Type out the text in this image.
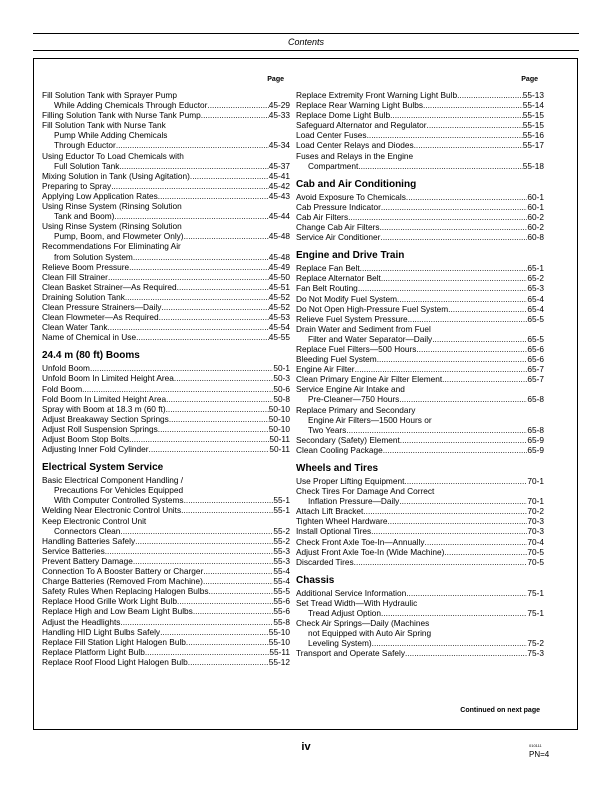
Contents
Page
Fill Solution Tank with Sprayer Pump
While Adding Chemicals Through Eductor .....	45-29
Filling Solution Tank with Nurse Tank Pump .....	45-33
Fill Solution Tank with Nurse Tank
Pump While Adding Chemicals
Through Eductor .....	45-34
Using Eductor To Load Chemicals with
Full Solution Tank .....	45-37
Mixing Solution in Tank (Using Agitation) .....	45-41
Preparing to Spray .....	45-42
Applying Low Application Rates .....	45-43
Using Rinse System (Rinsing Solution
Tank and Boom) .....	45-44
Using Rinse System (Rinsing Solution
Pump, Boom, and Flowmeter Only) .....	45-48
Recommendations For Eliminating Air
from Solution System .....	45-48
Relieve Boom Pressure .....	45-49
Clean Fill Strainer .....	45-50
Clean Basket Strainer—As Required .....	45-51
Draining Solution Tank .....	45-52
Clean Pressure Strainers—Daily .....	45-52
Clean Flowmeter—As Required .....	45-53
Clean Water Tank .....	45-54
Name of Chemical in Use .....	45-55
24.4 m (80 ft) Booms
Unfold Boom .....	50-1
Unfold Boom In Limited Height Area .....	50-3
Fold Boom .....	50-6
Fold Boom In Limited Height Area .....	50-8
Spray with Boom at 18.3 m (60 ft) .....	50-10
Adjust Breakaway Section Springs .....	50-10
Adjust Roll Suspension Springs .....	50-10
Adjust Boom Stop Bolts .....	50-11
Adjusting Inner Fold Cylinder .....	50-11
Electrical System Service
Basic Electrical Component Handling /
Precautions For Vehicles Equipped
With Computer Controlled Systems .....	55-1
Welding Near Electronic Control Units .....	55-1
Keep Electronic Control Unit
Connectors Clean .....	55-2
Handling Batteries Safely .....	55-2
Service Batteries .....	55-3
Prevent Battery Damage .....	55-3
Connection To A Booster Battery or Charger .....	55-4
Charge Batteries (Removed From Machine) .....	55-4
Safety Rules When Replacing Halogen Bulbs .....	55-5
Replace Hood Grille Work Light Bulb .....	55-6
Replace High and Low Beam Light Bulbs .....	55-6
Adjust the Headlights .....	55-8
Handling HID Light Bulbs Safely .....	55-10
Replace Fill Station Light Halogen Bulb .....	55-10
Replace Platform Light Bulb .....	55-11
Replace Roof Flood Light Halogen Bulb .....	55-12
Page
Replace Extremity Front Warning Light Bulb .....	55-13
Replace Rear Warning Light Bulbs .....	55-14
Replace Dome Light Bulb .....	55-15
Safeguard Alternator and Regulator .....	55-15
Load Center Fuses .....	55-16
Load Center Relays and Diodes .....	55-17
Fuses and Relays in the Engine
Compartment .....	55-18
Cab and Air Conditioning
Avoid Exposure To Chemicals .....	60-1
Cab Pressure Indicator .....	60-1
Cab Air Filters .....	60-2
Change Cab Air Filters .....	60-2
Service Air Conditioner .....	60-8
Engine and Drive Train
Replace Fan Belt .....	65-1
Replace Alternator Belt .....	65-2
Fan Belt Routing .....	65-3
Do Not Modify Fuel System .....	65-4
Do Not Open High-Pressure Fuel System .....	65-4
Relieve Fuel System Pressure .....	65-5
Drain Water and Sediment from Fuel
Filter and Water Separator—Daily .....	65-5
Replace Fuel Filters—500 Hours .....	65-6
Bleeding Fuel System .....	65-6
Engine Air Filter .....	65-7
Clean Primary Engine Air Filter Element .....	65-7
Service Engine Air Intake and
Pre-Cleaner—750 Hours .....	65-8
Replace Primary and Secondary
Engine Air Filters—1500 Hours or
Two Years .....	65-8
Secondary (Safety) Element .....	65-9
Clean Cooling Package .....	65-9
Wheels and Tires
Use Proper Lifting Equipment .....	70-1
Check Tires For Damage And Correct
Inflation Pressure—Daily .....	70-1
Attach Lift Bracket .....	70-2
Tighten Wheel Hardware .....	70-3
Install Optional Tires .....	70-3
Check Front Axle Toe-In—Annually .....	70-4
Adjust Front Axle Toe-In (Wide Machine) .....	70-5
Discarded Tires .....	70-5
Chassis
Additional Service Information .....	75-1
Set Tread Width—With Hydraulic
Tread Adjust Option .....	75-1
Check Air Springs—Daily (Machines
not Equipped with Auto Air Spring
Leveling System) .....	75-2
Transport and Operate Safely .....	75-3
Continued on next page
iv	010111
PN=4
